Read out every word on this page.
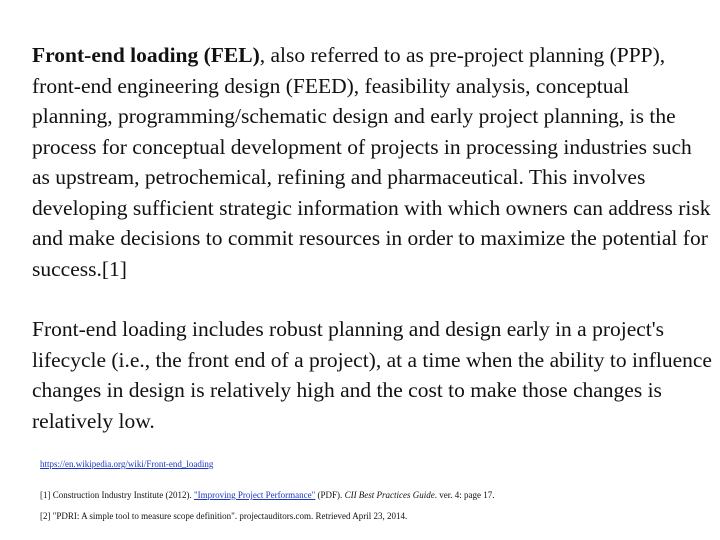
Front-end loading (FEL), also referred to as pre-project planning (PPP), front-end engineering design (FEED), feasibility analysis, conceptual planning, programming/schematic design and early project planning, is the process for conceptual development of projects in processing industries such as upstream, petrochemical, refining and pharmaceutical. This involves developing sufficient strategic information with which owners can address risk and make decisions to commit resources in order to maximize the potential for success.[1]

Front-end loading includes robust planning and design early in a project's lifecycle (i.e., the front end of a project), at a time when the ability to influence changes in design is relatively high and the cost to make those changes is relatively low.

https://en.wikipedia.org/wiki/Front-end_loading
[1] Construction Industry Institute (2012). "Improving Project Performance" (PDF). CII Best Practices Guide. ver. 4: page 17.
[2] "PDRI: A simple tool to measure scope definition". projectauditors.com. Retrieved April 23, 2014.
